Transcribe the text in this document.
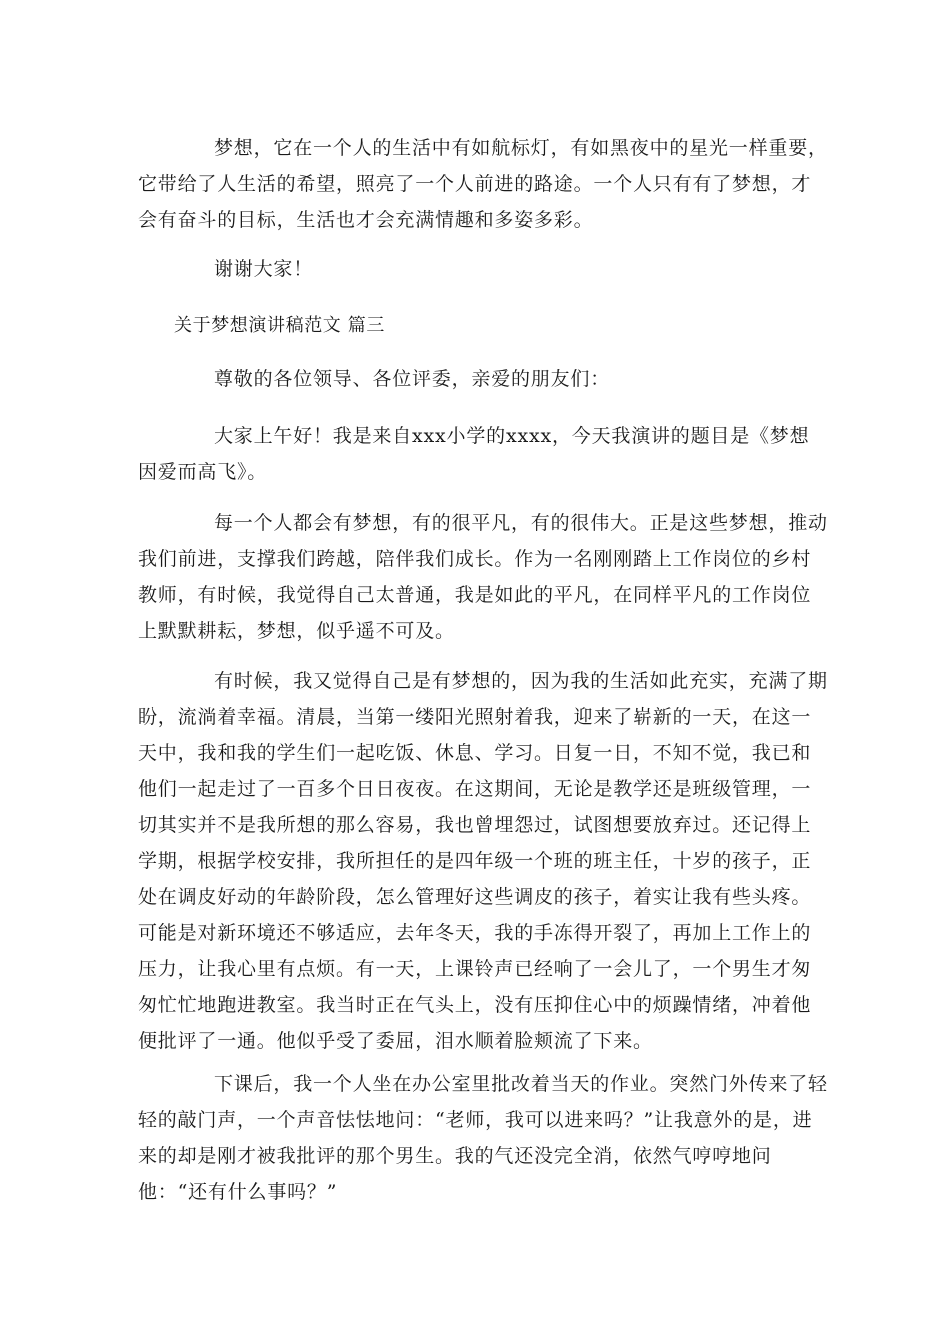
梦想，它在一个人的生活中有如航标灯，有如黑夜中的星光一样重要，它带给了人生活的希望，照亮了一个人前进的路途。一个人只有有了梦想，才会有奋斗的目标，生活也才会充满情趣和多姿多彩。

谢谢大家！

关于梦想演讲稿范文 篇三

尊敬的各位领导、各位评委，亲爱的朋友们：

大家上午好！我是来自xxx小学的xxxx，今天我演讲的题目是《梦想因爱而高飞》。

每一个人都会有梦想，有的很平凡，有的很伟大。正是这些梦想，推动我们前进，支撑我们跨越，陪伴我们成长。作为一名刚刚踏上工作岗位的乡村教师，有时候，我觉得自己太普通，我是如此的平凡，在同样平凡的工作岗位上默默耕耘，梦想，似乎遥不可及。

有时候，我又觉得自己是有梦想的，因为我的生活如此充实，充满了期盼，流淌着幸福。清晨，当第一缕阳光照射着我，迎来了崭新的一天，在这一天中，我和我的学生们一起吃饭、休息、学习。日复一日，不知不觉，我已和他们一起走过了一百多个日日夜夜。在这期间，无论是教学还是班级管理，一切其实并不是我所想的那么容易，我也曾埋怨过，试图想要放弃过。还记得上学期，根据学校安排，我所担任的是四年级一个班的班主任，十岁的孩子，正处在调皮好动的年龄阶段，怎么管理好这些调皮的孩子，着实让我有些头疼。可能是对新环境还不够适应，去年冬天，我的手冻得开裂了，再加上工作上的压力，让我心里有点烦。有一天，上课铃声已经响了一会儿了，一个男生才匆匆忙忙地跑进教室。我当时正在气头上，没有压抑住心中的烦躁情绪，冲着他便批评了一通。他似乎受了委屈，泪水顺着脸颊流了下来。

下课后，我一个人坐在办公室里批改着当天的作业。突然门外传来了轻轻的敲门声，一个声音怯怯地问：“老师，我可以进来吗？”让我意外的是，进来的却是刚才被我批评的那个男生。我的气还没完全消，依然气哼哼地问他：“还有什么事吗？”
